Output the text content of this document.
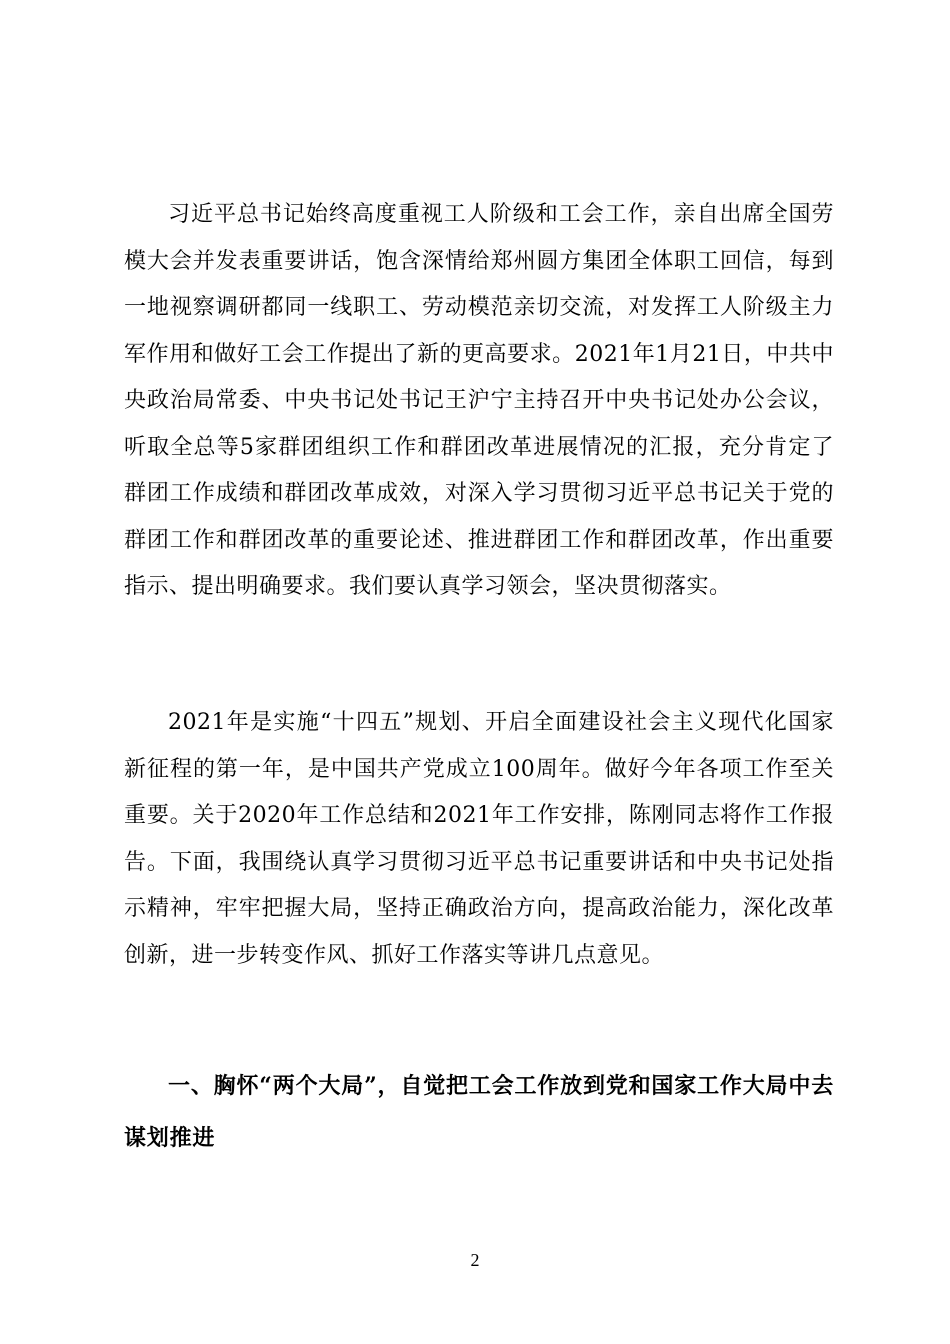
习近平总书记始终高度重视工人阶级和工会工作，亲自出席全国劳模大会并发表重要讲话，饱含深情给郑州圆方集团全体职工回信，每到一地视察调研都同一线职工、劳动模范亲切交流，对发挥工人阶级主力军作用和做好工会工作提出了新的更高要求。2021年1月21日，中共中央政治局常委、中央书记处书记王沪宁主持召开中央书记处办公会议，听取全总等5家群团组织工作和群团改革进展情况的汇报，充分肯定了群团工作成绩和群团改革成效，对深入学习贯彻习近平总书记关于党的群团工作和群团改革的重要论述、推进群团工作和群团改革，作出重要指示、提出明确要求。我们要认真学习领会，坚决贯彻落实。

2021年是实施“十四五”规划、开启全面建设社会主义现代化国家新征程的第一年，是中国共产党成立100周年。做好今年各项工作至关重要。关于2020年工作总结和2021年工作安排，陈刚同志将作工作报告。下面，我围绕认真学习贯彻习近平总书记重要讲话和中央书记处指示精神，牢牢把握大局，坚持正确政治方向，提高政治能力，深化改革创新，进一步转变作风、抓好工作落实等讲几点意见。

一、胸怀“两个大局”，自觉把工会工作放到党和国家工作大局中去谋划推进
2
